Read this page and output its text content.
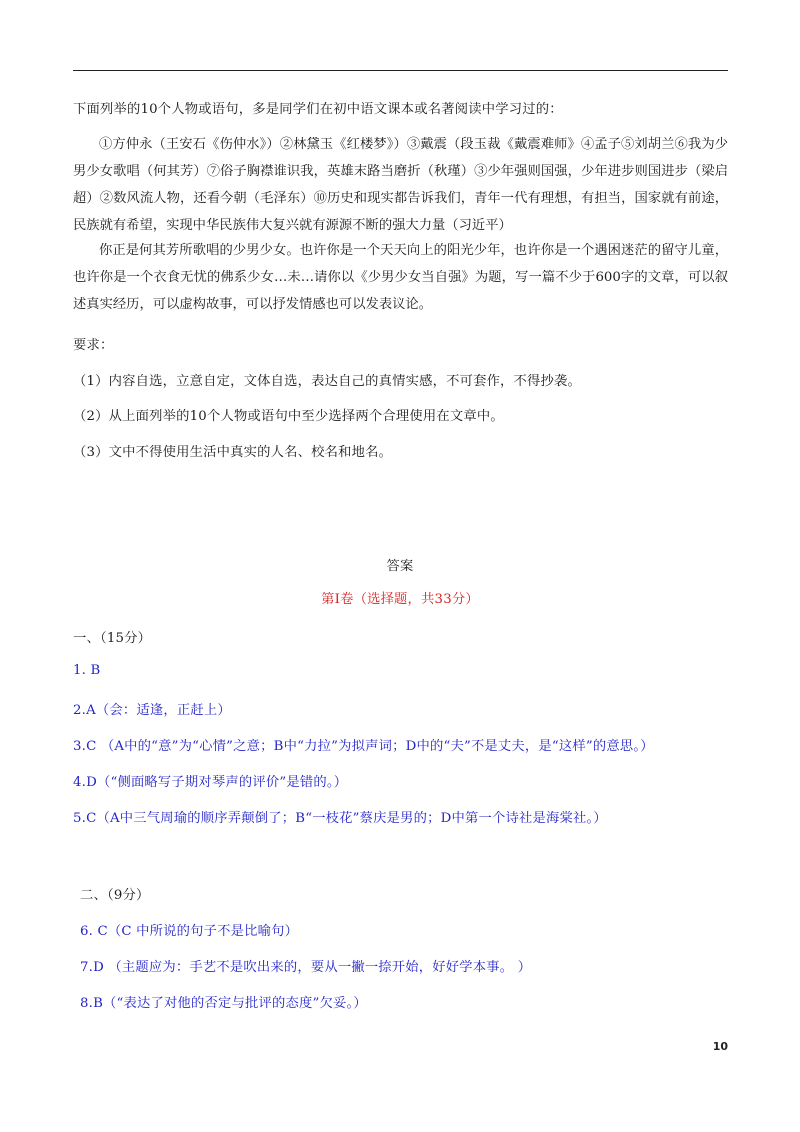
下面列举的10个人物或语句，多是同学们在初中语文课本或名著阅读中学习过的：
①方仲永（王安石《伤仲水》）②林黛玉《红楼梦》）③戴震（段玉裁《戴震难师》④孟子⑤刘胡兰⑥我为少男少女歌唱（何其芳）⑦俗子胸襟谁识我，英雄末路当磨折（秋瑾）③少年强则国强，少年进步则国进步（梁启超）②数风流人物，还看今朝（毛泽东）⑩历史和现实都告诉我们，青年一代有理想，有担当，国家就有前途，民族就有希望，实现中华民族伟大复兴就有源源不断的强大力量（习近平）
你正是何其芳所歌唱的少男少女。也许你是一个天天向上的阳光少年，也许你是一个遇困迷茫的留守儿童，也许你是一个衣食无忧的佛系少女…未…请你以《少男少女当自强》为题，写一篇不少于600字的文章，可以叙述真实经历，可以虚构故事，可以抒发情感也可以发表议论。
要求：
（1）内容自选，立意自定，文体自选，表达自己的真情实感，不可套作，不得抄袭。
（2）从上面列举的10个人物或语句中至少选择两个合理使用在文章中。
（3）文中不得使用生活中真实的人名、校名和地名。
答案
第I卷（选择题，共33分）
一、（15分）
1. B
2.A（会：适逢，正赶上）
3.C （A中的“意”为“心情”之意；B中“力拉”为拟声词；D中的“夫”不是丈夫，是“这样”的意思。）
4.D（“侧面略写子期对琴声的评价”是错的。）
5.C（A中三气周瑜的顺序弄颠倒了；B“一枝花”蔡庆是男的；D中第一个诗社是海棠社。）
二、（9分）
6. C（C 中所说的句子不是比喻句）
7.D （主题应为：手艺不是吹出来的，要从一撇一捺开始，好好学本事。 ）
8.B（“表达了对他的否定与批评的态度”欠妥。）
10
